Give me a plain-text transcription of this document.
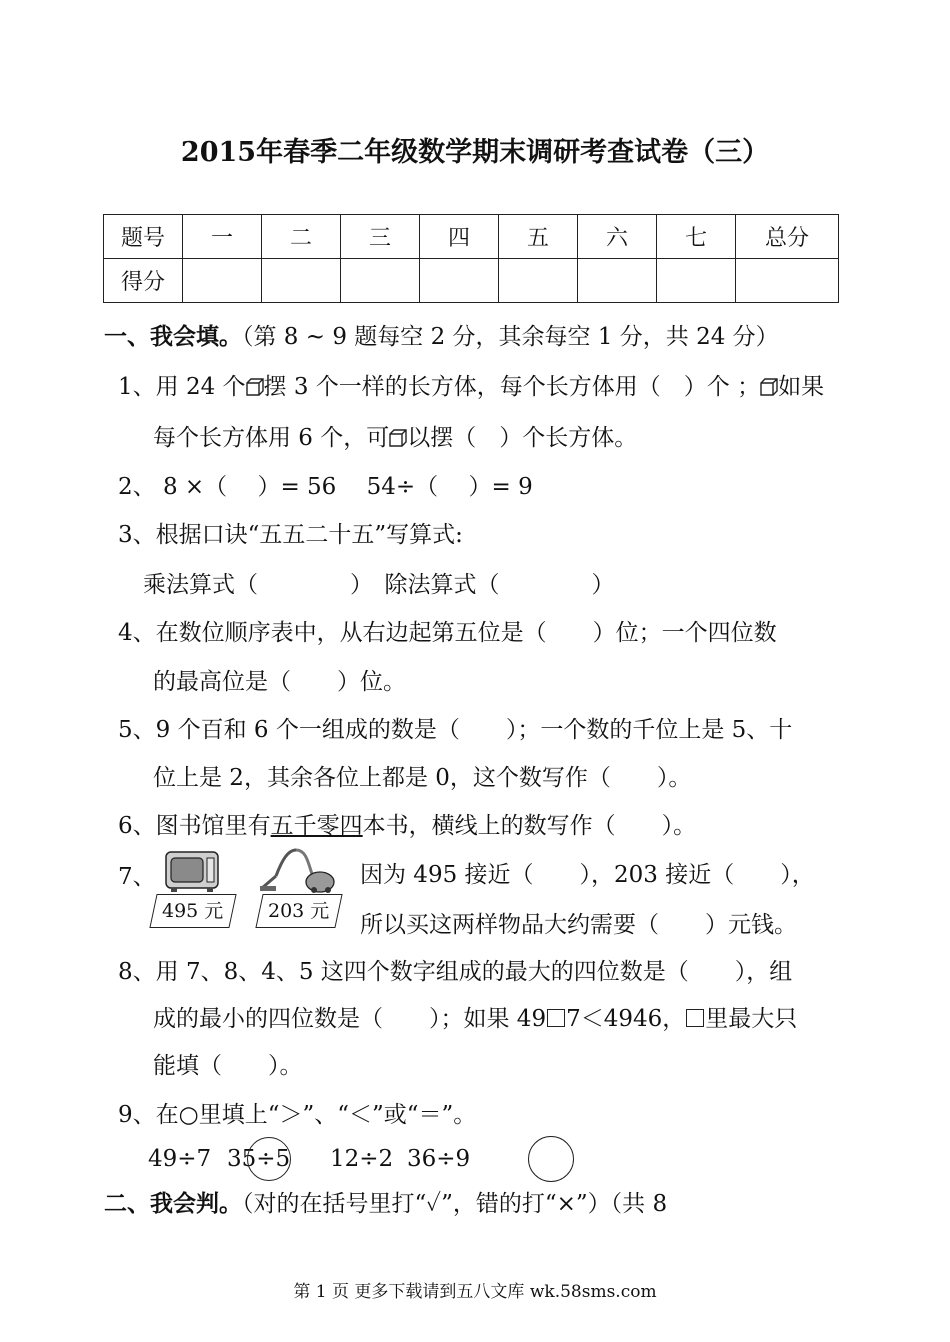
2015年春季二年级数学期末调研考查试卷（三）
题号	一	二	三	四	五	六	七	总分
得分								
一、我会填。（第 8 ~ 9 题每空 2 分，其余每空 1 分，共 24 分）
1、用 24 个 摆 3 个一样的长方体，每个长方体用（　）个 ； 如果
每个长方体用 6 个，可 以摆（　）个长方体。
2、 8 ×（　 ）= 56　 54÷（　 ）= 9
3、根据口诀“五五二十五”写算式:
乘法算式（　　　　）　除法算式（　　　　）
4、在数位顺序表中，从右边起第五位是（　　）位；一个四位数
的最高位是（　　）位。
5、9 个百和 6 个一组成的数是（　　）；一个数的千位上是 5、十
位上是 2，其余各位上都是 0，这个数写作（　　）。
6、图书馆里有五千零四本书，横线上的数写作（　　）。
7、
495 元	203 元
因为 495 接近（　　），203 接近（　　），
所以买这两样物品大约需要（　　）元钱。
8、用 7、8、4、5 这四个数字组成的最大的四位数是（　　），组
成的最小的四位数是（　　）；如果 49 7＜4946， 里最大只
能填（　　）。
9、在○里填上“＞”、“＜”或“＝”。
49÷7 35÷5 12÷2 36÷9
二、我会判。（对的在括号里打“✓”，错的打“×”）（共 8
第 1 页 更多下载请到五八文库 wk.58sms.com
